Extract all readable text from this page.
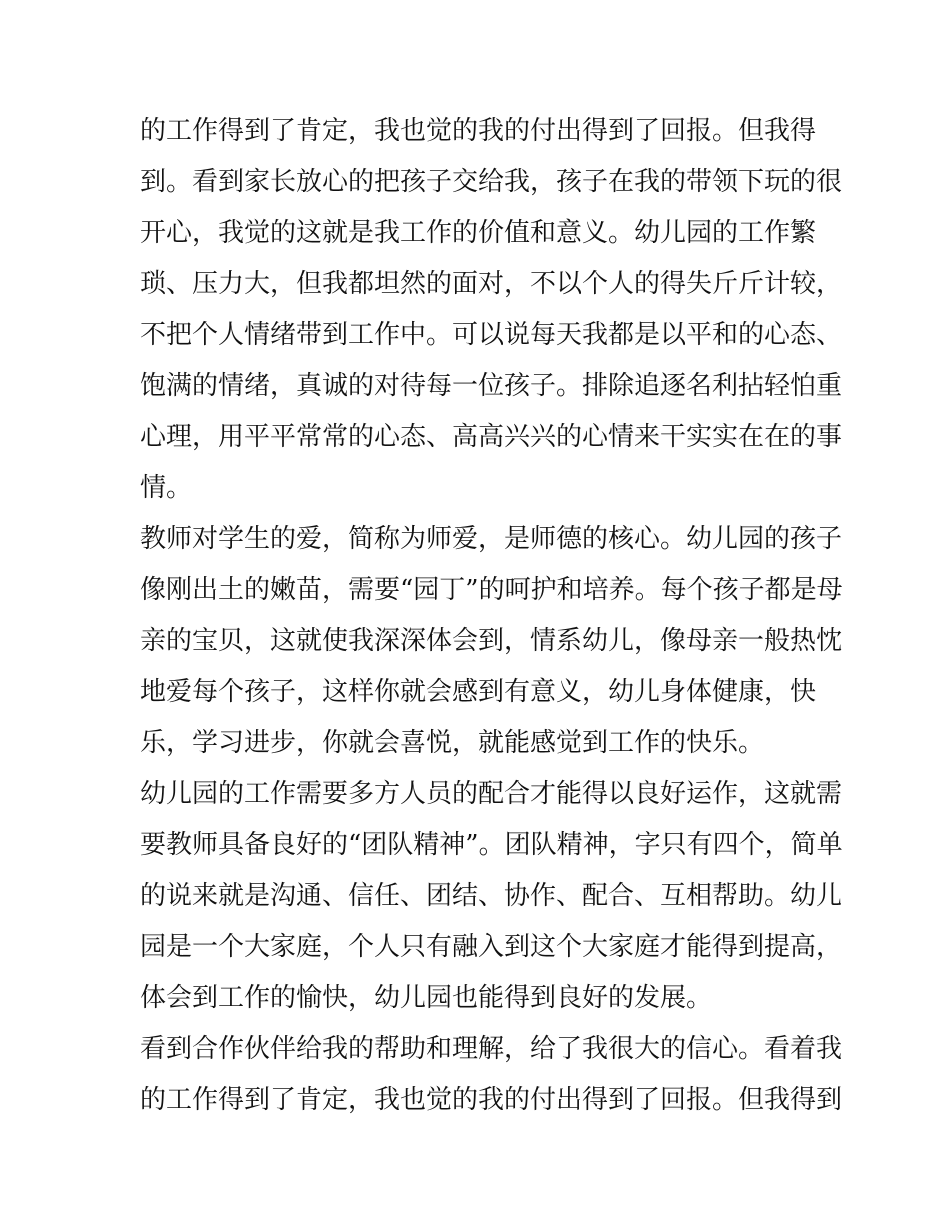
的工作得到了肯定，我也觉的我的付出得到了回报。但我得
到。看到家长放心的把孩子交给我，孩子在我的带领下玩的很
开心，我觉的这就是我工作的价值和意义。幼儿园的工作繁
琐、压力大，但我都坦然的面对，不以个人的得失斤斤计较，
不把个人情绪带到工作中。可以说每天我都是以平和的心态、
饱满的情绪，真诚的对待每一位孩子。排除追逐名利拈轻怕重
心理，用平平常常的心态、高高兴兴的心情来干实实在在的事
情。
教师对学生的爱，简称为师爱，是师德的核心。幼儿园的孩子
像刚出土的嫩苗，需要“园丁”的呵护和培养。每个孩子都是母
亲的宝贝，这就使我深深体会到，情系幼儿，像母亲一般热忱
地爱每个孩子，这样你就会感到有意义，幼儿身体健康，快
乐，学习进步，你就会喜悦，就能感觉到工作的快乐。
幼儿园的工作需要多方人员的配合才能得以良好运作，这就需
要教师具备良好的“团队精神”。团队精神，字只有四个，简单
的说来就是沟通、信任、团结、协作、配合、互相帮助。幼儿
园是一个大家庭，个人只有融入到这个大家庭才能得到提高，
体会到工作的愉快，幼儿园也能得到良好的发展。
看到合作伙伴给我的帮助和理解，给了我很大的信心。看着我
的工作得到了肯定，我也觉的我的付出得到了回报。但我得到
